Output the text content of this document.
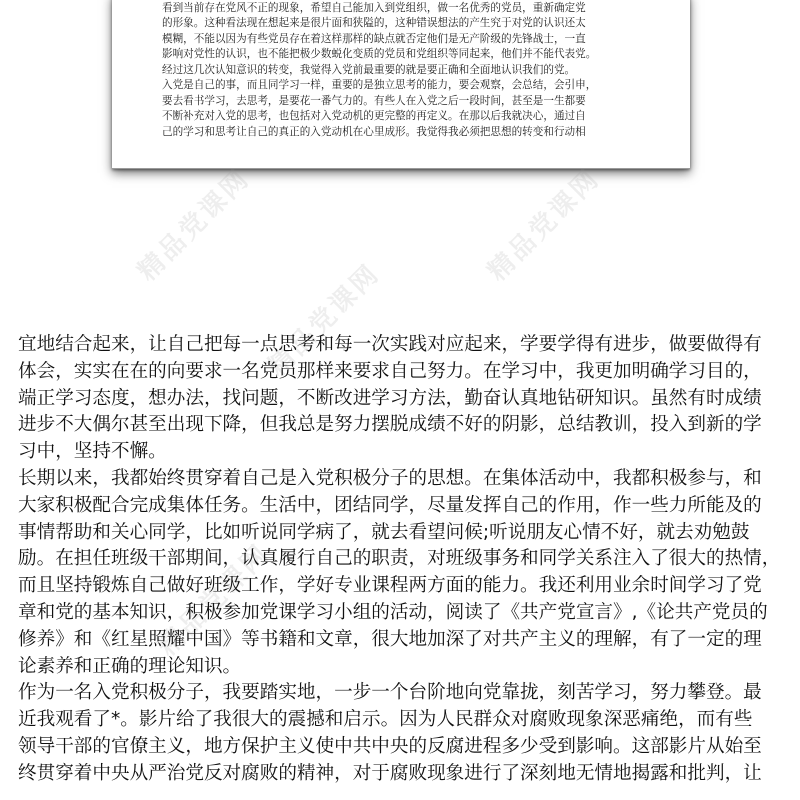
看到当前存在党风不正的现象，希望自己能加入到党组织，做一名优秀的党员，重新确定党
的形象。这种看法现在想起来是很片面和狭隘的，这种错误想法的产生究于对党的认识还太
模糊，不能以因为有些党员存在着这样那样的缺点就否定他们是无产阶级的先锋战士，一直
影响对党性的认识，也不能把极少数蜕化变质的党员和党组织等同起来，他们并不能代表党。
经过这几次认知意识的转变，我觉得入党前最重要的就是要正确和全面地认识我们的党。
入党是自己的事，而且同学习一样，重要的是独立思考的能力，要会观察，会总结，会引申，
要去看书学习，去思考，是要花一番气力的。有些人在入党之后一段时间，甚至是一生都要
不断补充对入党的思考，也包括对入党动机的更完整的再定义。在那以后我就决心，通过自
己的学习和思考让自己的真正的入党动机在心里成形。我觉得我必须把思想的转变和行动相
精品党课网	精品党课网
精品党课网
精品党课网
宜地结合起来，让自己把每一点思考和每一次实践对应起来，学要学得有进步，做要做得有
体会，实实在在的向要求一名党员那样来要求自己努力。在学习中，我更加明确学习目的，
端正学习态度，想办法，找问题，不断改进学习方法，勤奋认真地钻研知识。虽然有时成绩
进步不大偶尔甚至出现下降，但我总是努力摆脱成绩不好的阴影，总结教训，投入到新的学
习中，坚持不懈。
长期以来，我都始终贯穿着自己是入党积极分子的思想。在集体活动中，我都积极参与，和
大家积极配合完成集体任务。生活中，团结同学，尽量发挥自己的作用，作一些力所能及的
事情帮助和关心同学，比如听说同学病了，就去看望问候;听说朋友心情不好，就去劝勉鼓
励。在担任班级干部期间，认真履行自己的职责，对班级事务和同学关系注入了很大的热情，
而且坚持锻炼自己做好班级工作，学好专业课程两方面的能力。我还利用业余时间学习了党
章和党的基本知识，积极参加党课学习小组的活动，阅读了《共产党宣言》,《论共产党员的
修养》和《红星照耀中国》等书籍和文章，很大地加深了对共产主义的理解，有了一定的理
论素养和正确的理论知识。
作为一名入党积极分子，我要踏实地，一步一个台阶地向党靠拢，刻苦学习，努力攀登。最
近我观看了*。影片给了我很大的震撼和启示。因为人民群众对腐败现象深恶痛绝，而有些
领导干部的官僚主义，地方保护主义使中共中央的反腐进程多少受到影响。这部影片从始至
终贯穿着中央从严治党反对腐败的精神，对于腐败现象进行了深刻地无情地揭露和批判，让
